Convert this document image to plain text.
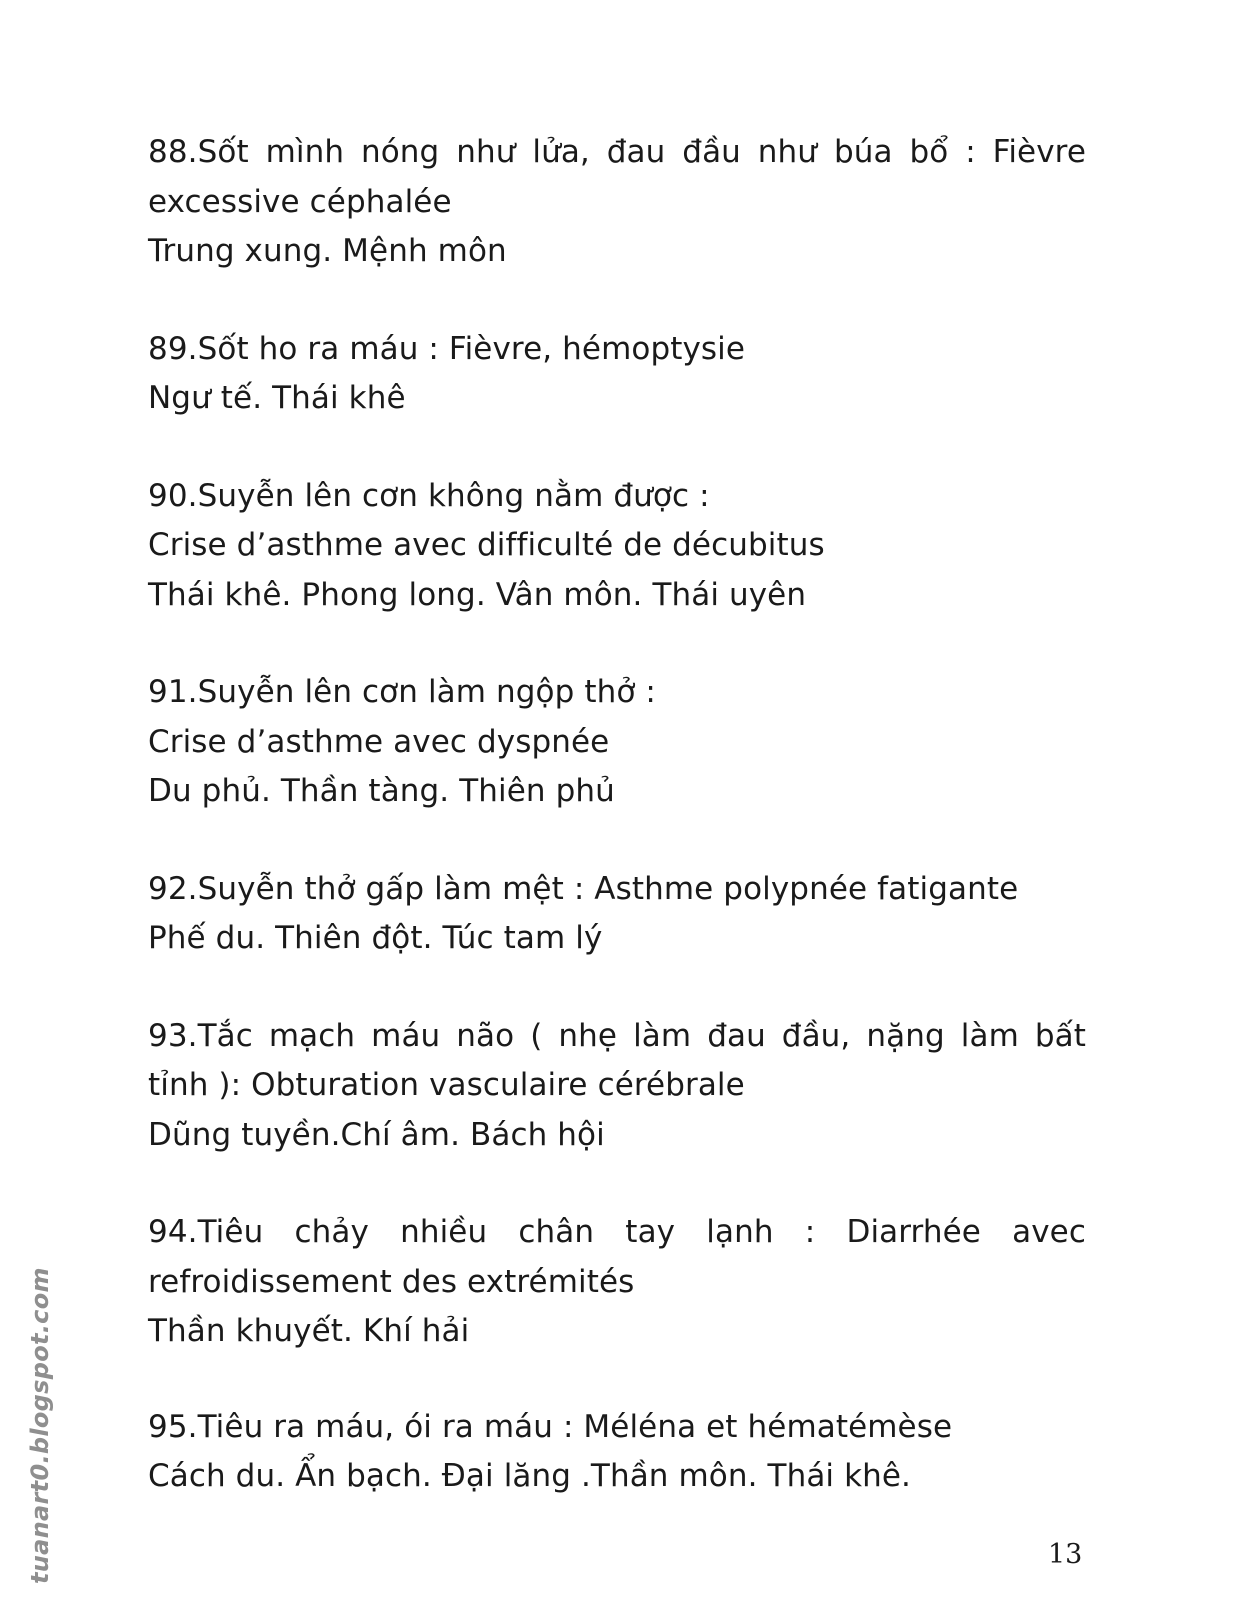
88.Sốt mình nóng như lửa, đau đầu như búa bổ : Fièvre
excessive céphalée
Trung xung. Mệnh môn
89.Sốt ho ra máu : Fièvre, hémoptysie
Ngư tế. Thái khê
90.Suyễn lên cơn không nằm được :
Crise d’asthme avec difficulté de décubitus
Thái khê. Phong long. Vân môn. Thái uyên
91.Suyễn lên cơn làm ngộp thở :
Crise d’asthme avec dyspnée
Du phủ. Thần tàng. Thiên phủ
92.Suyễn thở gấp làm mệt : Asthme polypnée fatigante
Phế du. Thiên đột. Túc tam lý
93.Tắc mạch máu não ( nhẹ làm đau đầu, nặng làm bất
tỉnh ): Obturation vasculaire cérébrale
Dũng tuyền.Chí âm. Bách hội
94.Tiêu chảy nhiều chân tay lạnh : Diarrhée avec
refroidissement des extrémités
Thần khuyết. Khí hải
95.Tiêu ra máu, ói ra máu : Méléna et hématémèse
Cách du. Ẩn bạch. Đại lăng .Thần môn. Thái khê.
13
tuanart0.blogspot.com
